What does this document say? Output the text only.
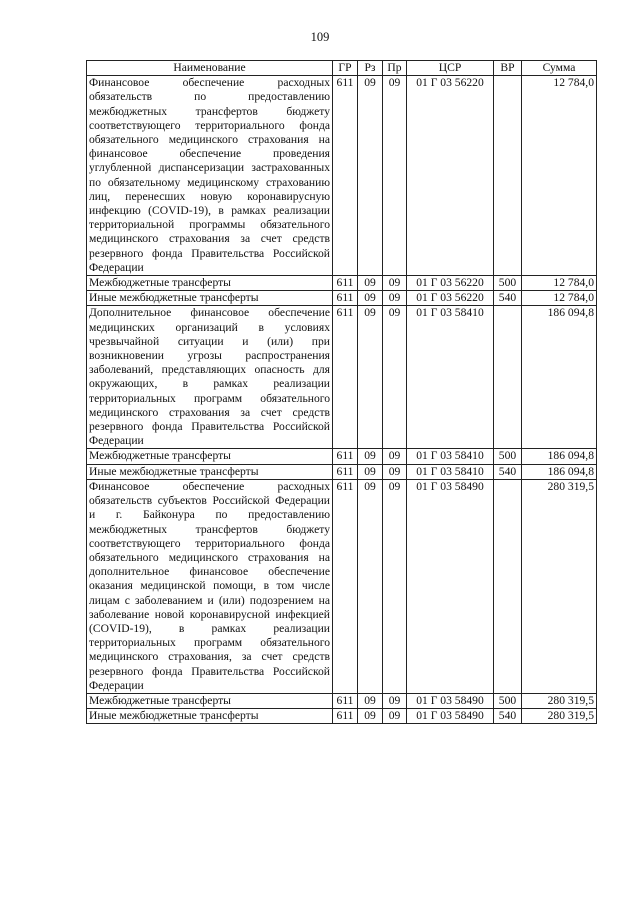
109
Наименование	ГР	Рз	Пр	ЦСР	ВР	Сумма
Финансовое обеспечение расходных обязательств по предоставлению межбюджетных трансфертов бюджету соответствующего территориального фонда обязательного медицинского страхования на финансовое обеспечение проведения углубленной диспансеризации застрахованных по обязательному медицинскому страхованию лиц, перенесших новую коронавирусную инфекцию (COVID-19), в рамках реализации территориальной программы обязательного медицинского страхования за счет средств резервного фонда Правительства Российской Федерации	611	09	09	01 Г 03 56220		12 784,0
Межбюджетные трансферты	611	09	09	01 Г 03 56220	500	12 784,0
Иные межбюджетные трансферты	611	09	09	01 Г 03 56220	540	12 784,0
Дополнительное финансовое обеспечение медицинских организаций в условиях чрезвычайной ситуации и (или) при возникновении угрозы распространения заболеваний, представляющих опасность для окружающих, в рамках реализации территориальных программ обязательного медицинского страхования за счет средств резервного фонда Правительства Российской Федерации	611	09	09	01 Г 03 58410		186 094,8
Межбюджетные трансферты	611	09	09	01 Г 03 58410	500	186 094,8
Иные межбюджетные трансферты	611	09	09	01 Г 03 58410	540	186 094,8
Финансовое обеспечение расходных обязательств субъектов Российской Федерации и г. Байконура по предоставлению межбюджетных трансфертов бюджету соответствующего территориального фонда обязательного медицинского страхования на дополнительное финансовое обеспечение оказания медицинской помощи, в том числе лицам с заболеванием и (или) подозрением на заболевание новой коронавирусной инфекцией (COVID-19), в рамках реализации территориальных программ обязательного медицинского страхования, за счет средств резервного фонда Правительства Российской Федерации	611	09	09	01 Г 03 58490		280 319,5
Межбюджетные трансферты	611	09	09	01 Г 03 58490	500	280 319,5
Иные межбюджетные трансферты	611	09	09	01 Г 03 58490	540	280 319,5
